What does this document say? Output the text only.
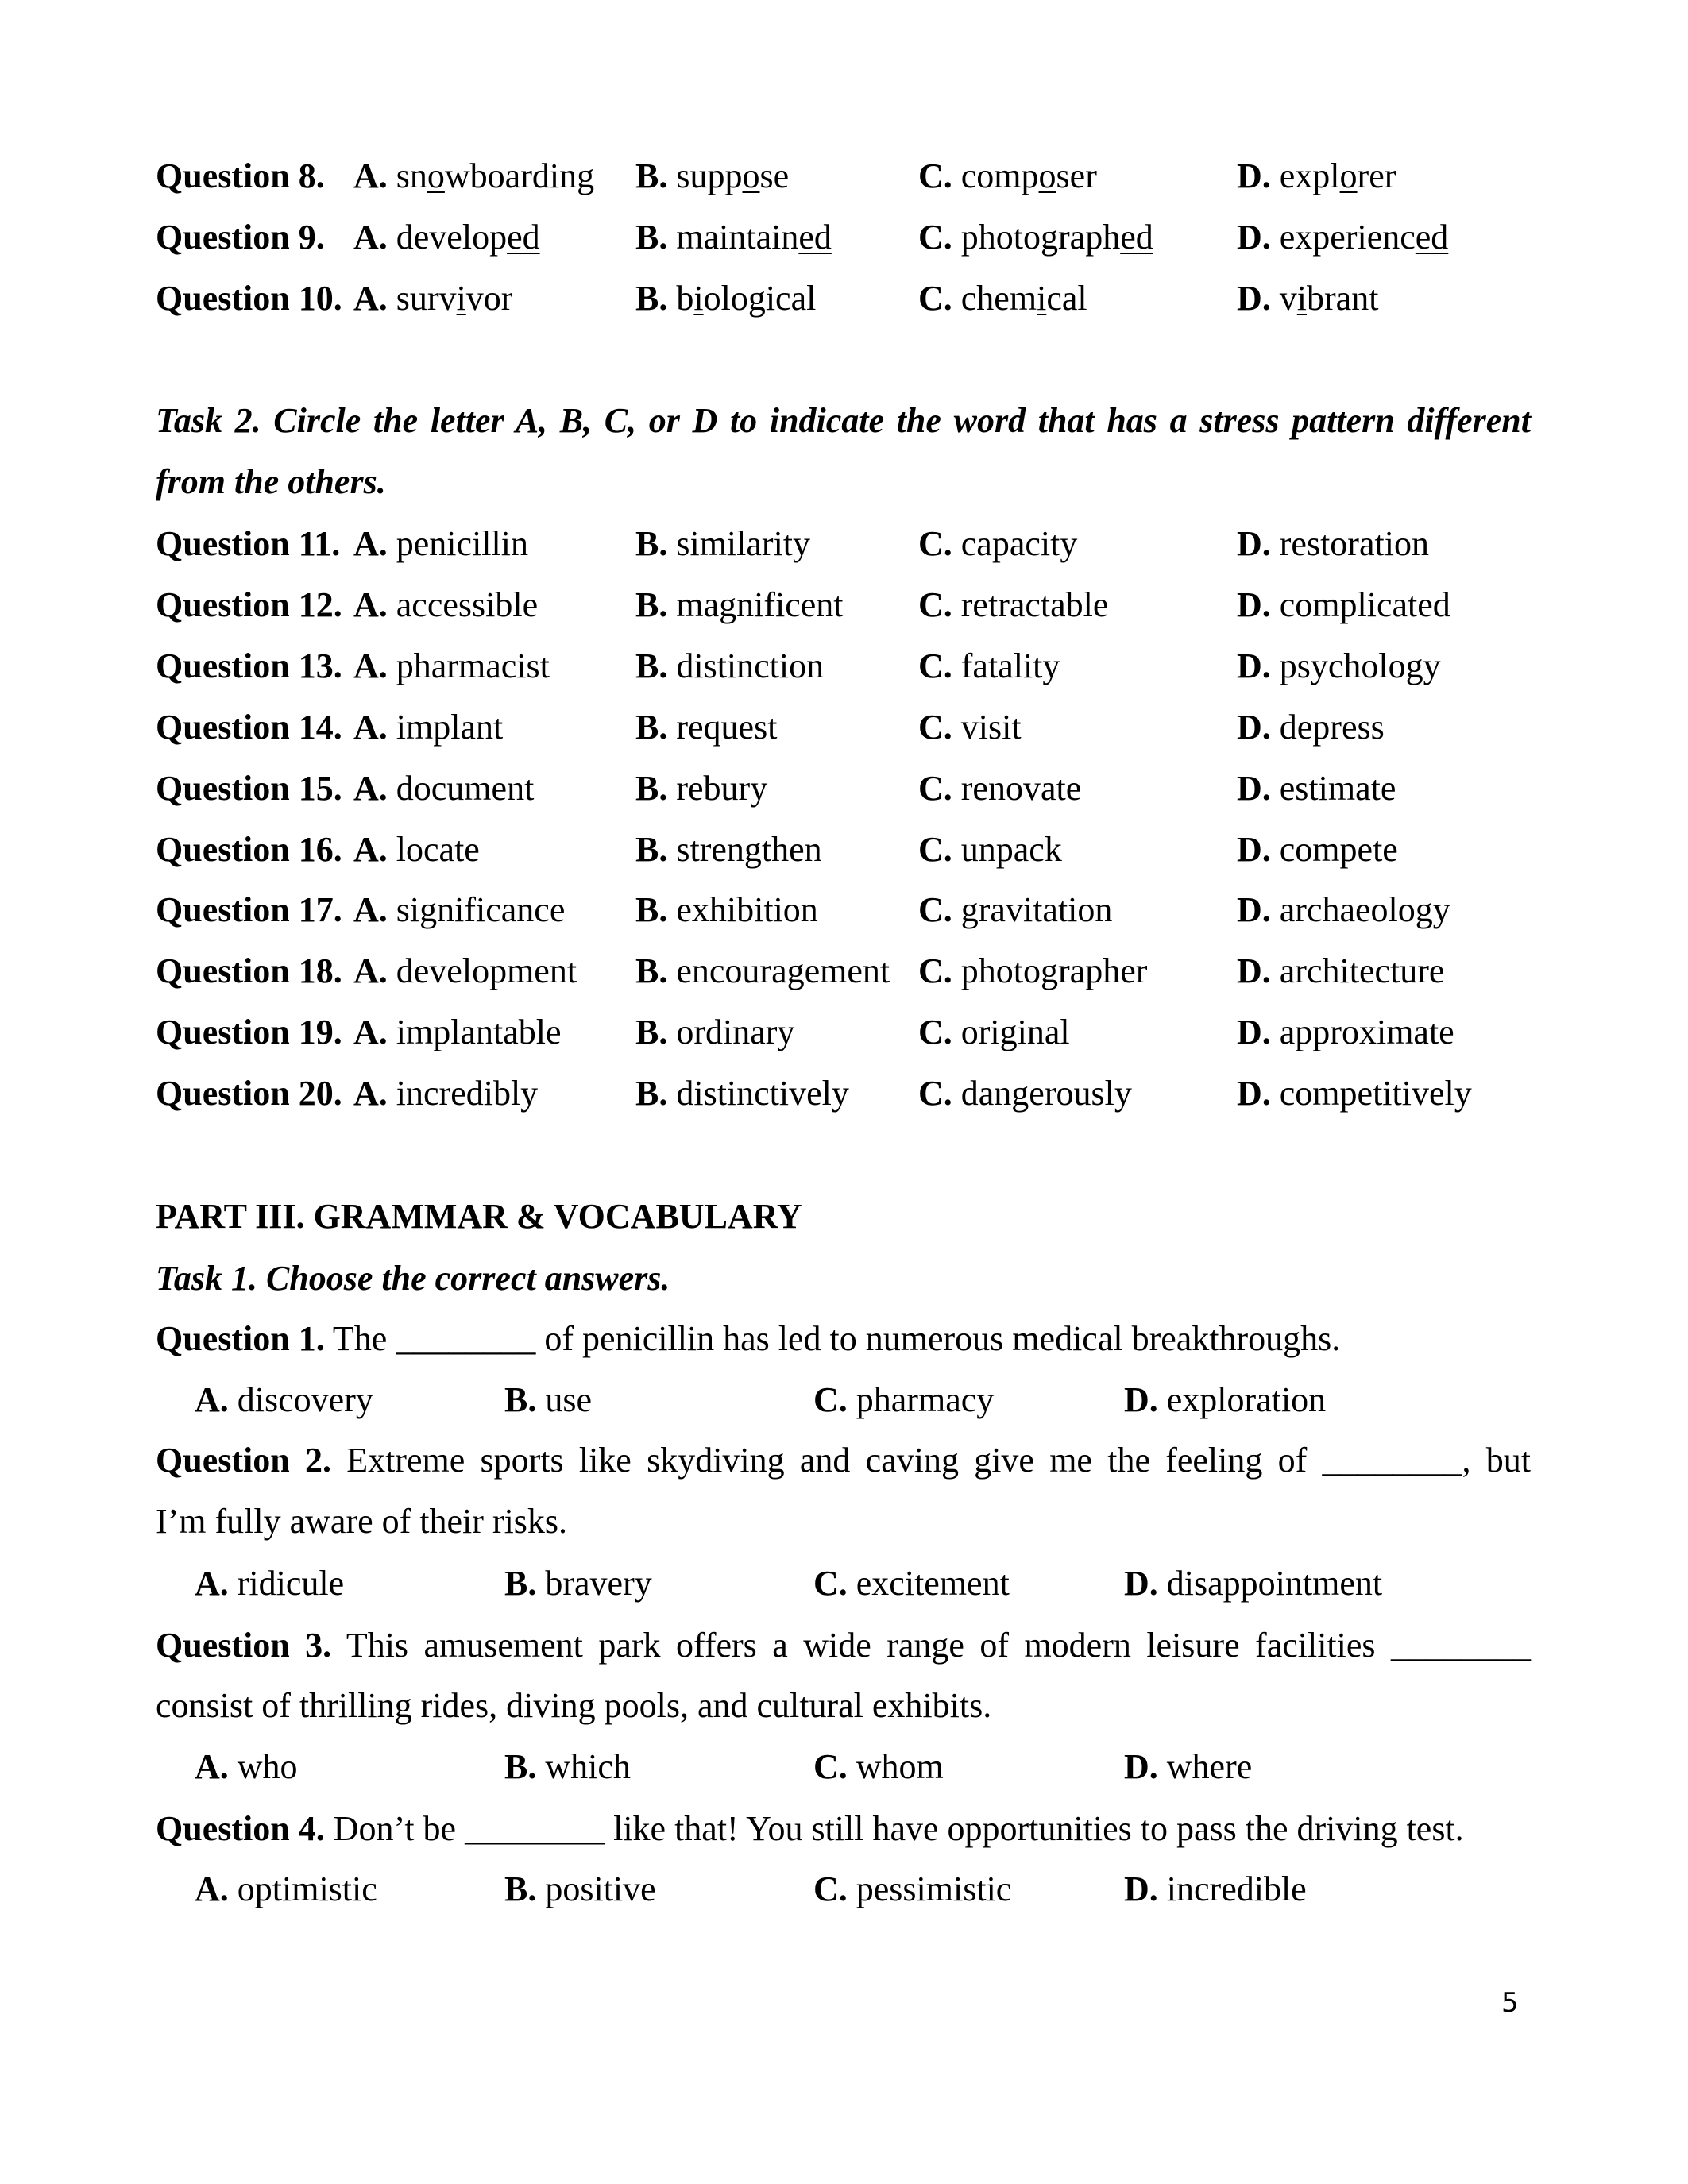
Question 8. A. snowboarding B. suppose	C. composer	D. explorer
Question 9. A. developed	B. maintained C. photographed D. experienced
Question 10. A. survivor	B. biological	C. chemical	D. vibrant
Task 2. Circle the letter A, B, C, or D to indicate the word that has a stress pattern different
from the others.
Question 11. A. penicillin	B. similarity	C. capacity	D. restoration
Question 12. A. accessible	B. magnificent C. retractable	D. complicated
Question 13. A. pharmacist B. distinction	C. fatality	D. psychology
Question 14. A. implant	B. request	C. visit	D. depress
Question 15. A. document	B. rebury	C. renovate	D. estimate
Question 16. A. locate	B. strengthen	C. unpack	D. compete
Question 17. A. significance B. exhibition	C. gravitation	D. archaeology
Question 18. A. development B. encouragement C. photographer	D. architecture
Question 19. A. implantable B. ordinary	C. original	D. approximate
Question 20. A. incredibly	B. distinctively C. dangerously	D. competitively
PART III. GRAMMAR & VOCABULARY
Task 1. Choose the correct answers.
Question 1. The ________ of penicillin has led to numerous medical breakthroughs.
A. discovery	B. use	C. pharmacy	D. exploration
Question 2. Extreme sports like skydiving and caving give me the feeling of ________, but
I’m fully aware of their risks.
A. ridicule	B. bravery	C. excitement	D. disappointment
Question 3. This amusement park offers a wide range of modern leisure facilities ________
consist of thrilling rides, diving pools, and cultural exhibits.
A. who	B. which	C. whom	D. where
Question 4. Don’t be ________ like that! You still have opportunities to pass the driving test.
A. optimistic	B. positive	C. pessimistic	D. incredible
5
